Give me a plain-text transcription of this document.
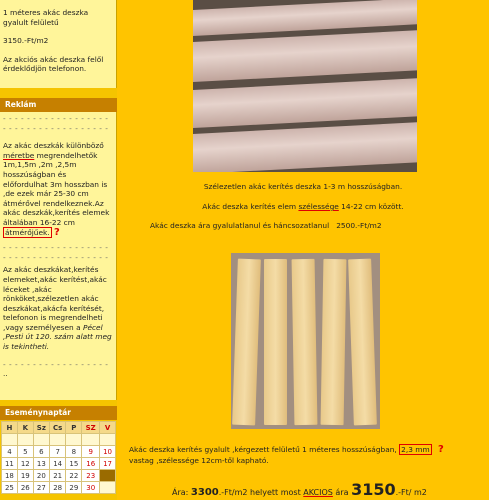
1 méteres akác deszka gyalult felületű

3150.-Ft/m2

Az akciós akác deszka felől érdeklődjön telefonon.

Reklám
- - - - - - - - - - - - - - - - - -
- - - - - - - - - - - - - - - - - -
Az akác deszkák különböző méretbe megrendelhetők 1m,1,5m ,2m ,2,5m hosszúságban és előfordulhat 3m hosszban is ,de ezek már 25-30 cm átmérővel rendelkeznek.Az akác deszkák,kerítés elemek általában 16-22 cm átmérőjűek. ?
- - - - - - - - - - - - - - - - - -
- - - - - - - - - - - - - - - - - -
Az akác deszkákat,kerítés elemeket,akác kerítést,akác léceket ,akác rönköket,szélezetlen akác deszkákat,akácfa kerítését, telefonon is megrendelheti ,vagy személyesen a Pécel ,Pesti út 120. szám alatt meg is tekintheti.
- - - - - - - - - - - - - - - - - -
..
Eseménynaptár
H	K	Sz	Cs	P	SZ	V

4	5	6	7	8	9	10
11	12	13	14	15	16	17
18	19	20	21	22	23	
25	26	27	28	29	30	
Szélezetlen akác kerítés deszka 1-3 m hosszúságban.
Akác deszka kerítés elem szélessége 14-22 cm között.
Akác deszka ára gyalulatlanul és háncsozatlanul 2500.-Ft/m2
Akác deszka kerítés gyalult ,kérgezett felületű 1 méteres hosszúságban, 2,3 mm ?
vastag ,szélessége 12cm-től kapható.
Ára: 3300.-Ft/m2 helyett most AKCIOS ára 3150.-Ft/ m2
